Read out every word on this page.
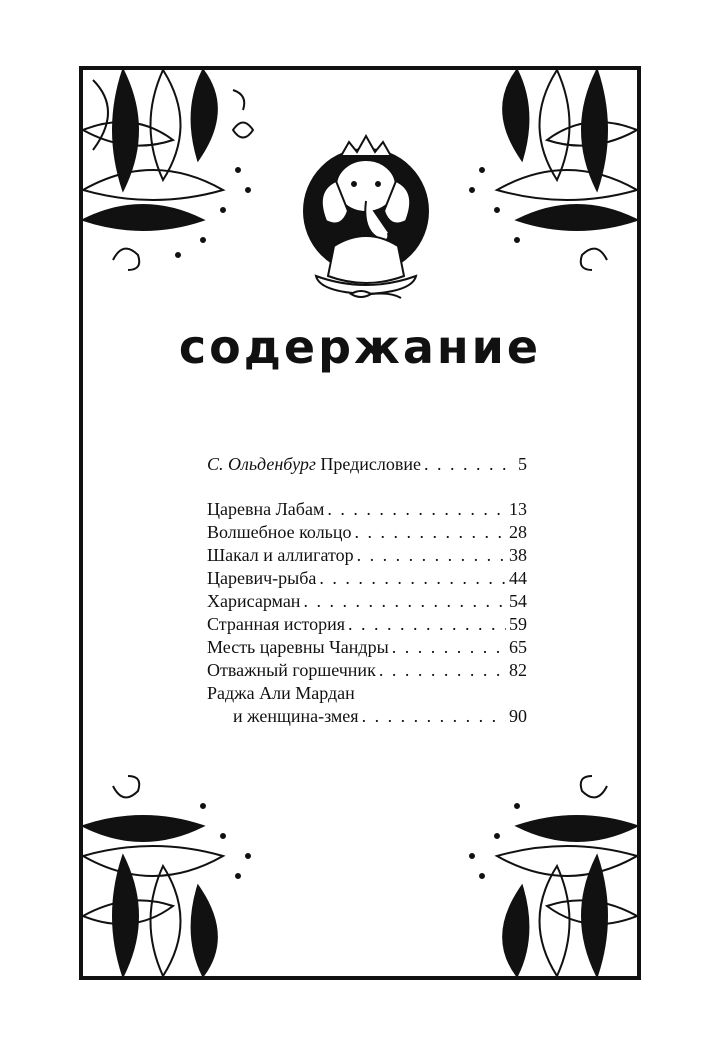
содержание
С. Ольденбург Предисловие . . .	5
Царевна Лабам . . .	13
Волшебное кольцо . . .	28
Шакал и аллигатор . . .	38
Царевич-рыба . . .	44
Харисарман . . .	54
Странная история . . .	59
Месть царевны Чандры . . .	65
Отважный горшечник . . .	82
Раджа Али Мардан
и женщина-змея . . .	90
